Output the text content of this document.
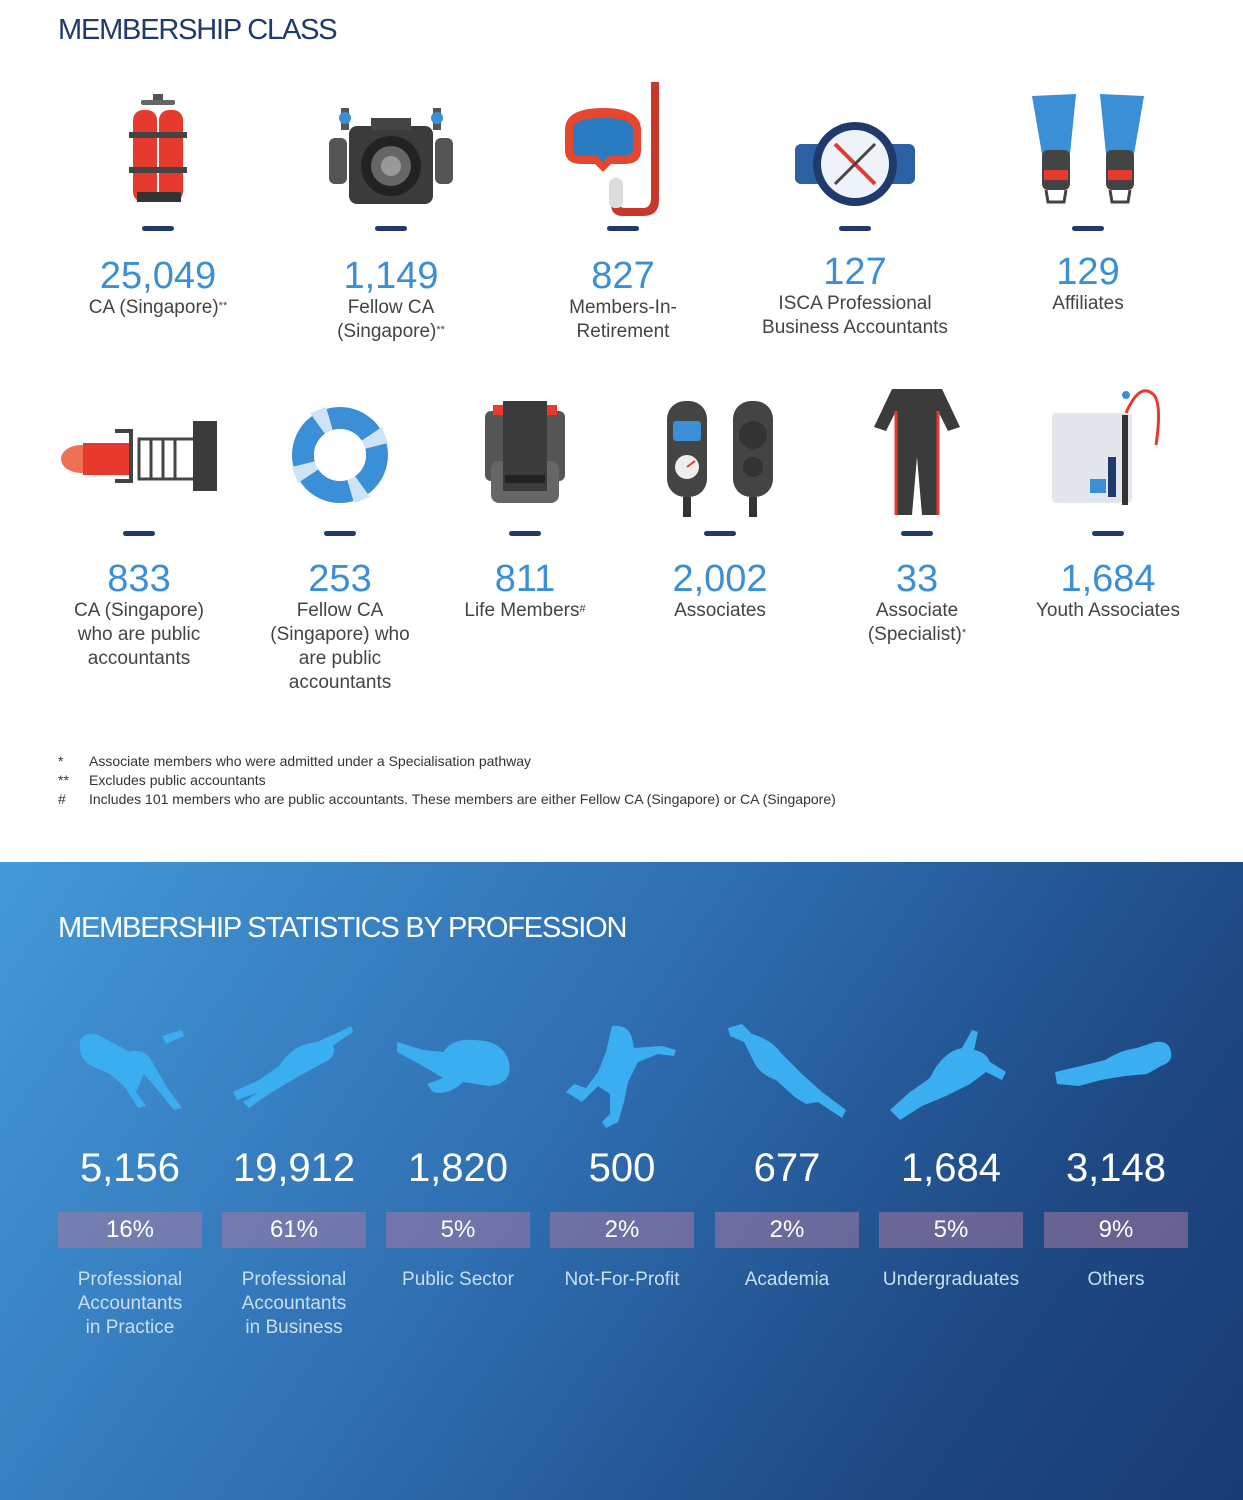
MEMBERSHIP CLASS
25,049
CA (Singapore)**
1,149
Fellow CA
(Singapore)**
827
Members-In-
Retirement
127
ISCA Professional
Business Accountants
129
Affiliates
833
CA (Singapore)
who are public
accountants
253
Fellow CA
(Singapore) who
are public
accountants
811
Life Members#
2,002
Associates
33
Associate
(Specialist)*
1,684
Youth Associates
*	Associate members who were admitted under a Specialisation pathway
**	Excludes public accountants
#	Includes 101 members who are public accountants. These members are either Fellow CA (Singapore) or CA (Singapore)
MEMBERSHIP STATISTICS BY PROFESSION
5,156
16%
Professional
Accountants
in Practice
19,912
61%
Professional
Accountants
in Business
1,820
5%
Public Sector
500
2%
Not-For-Profit
677
2%
Academia
1,684
5%
Undergraduates
3,148
9%
Others
